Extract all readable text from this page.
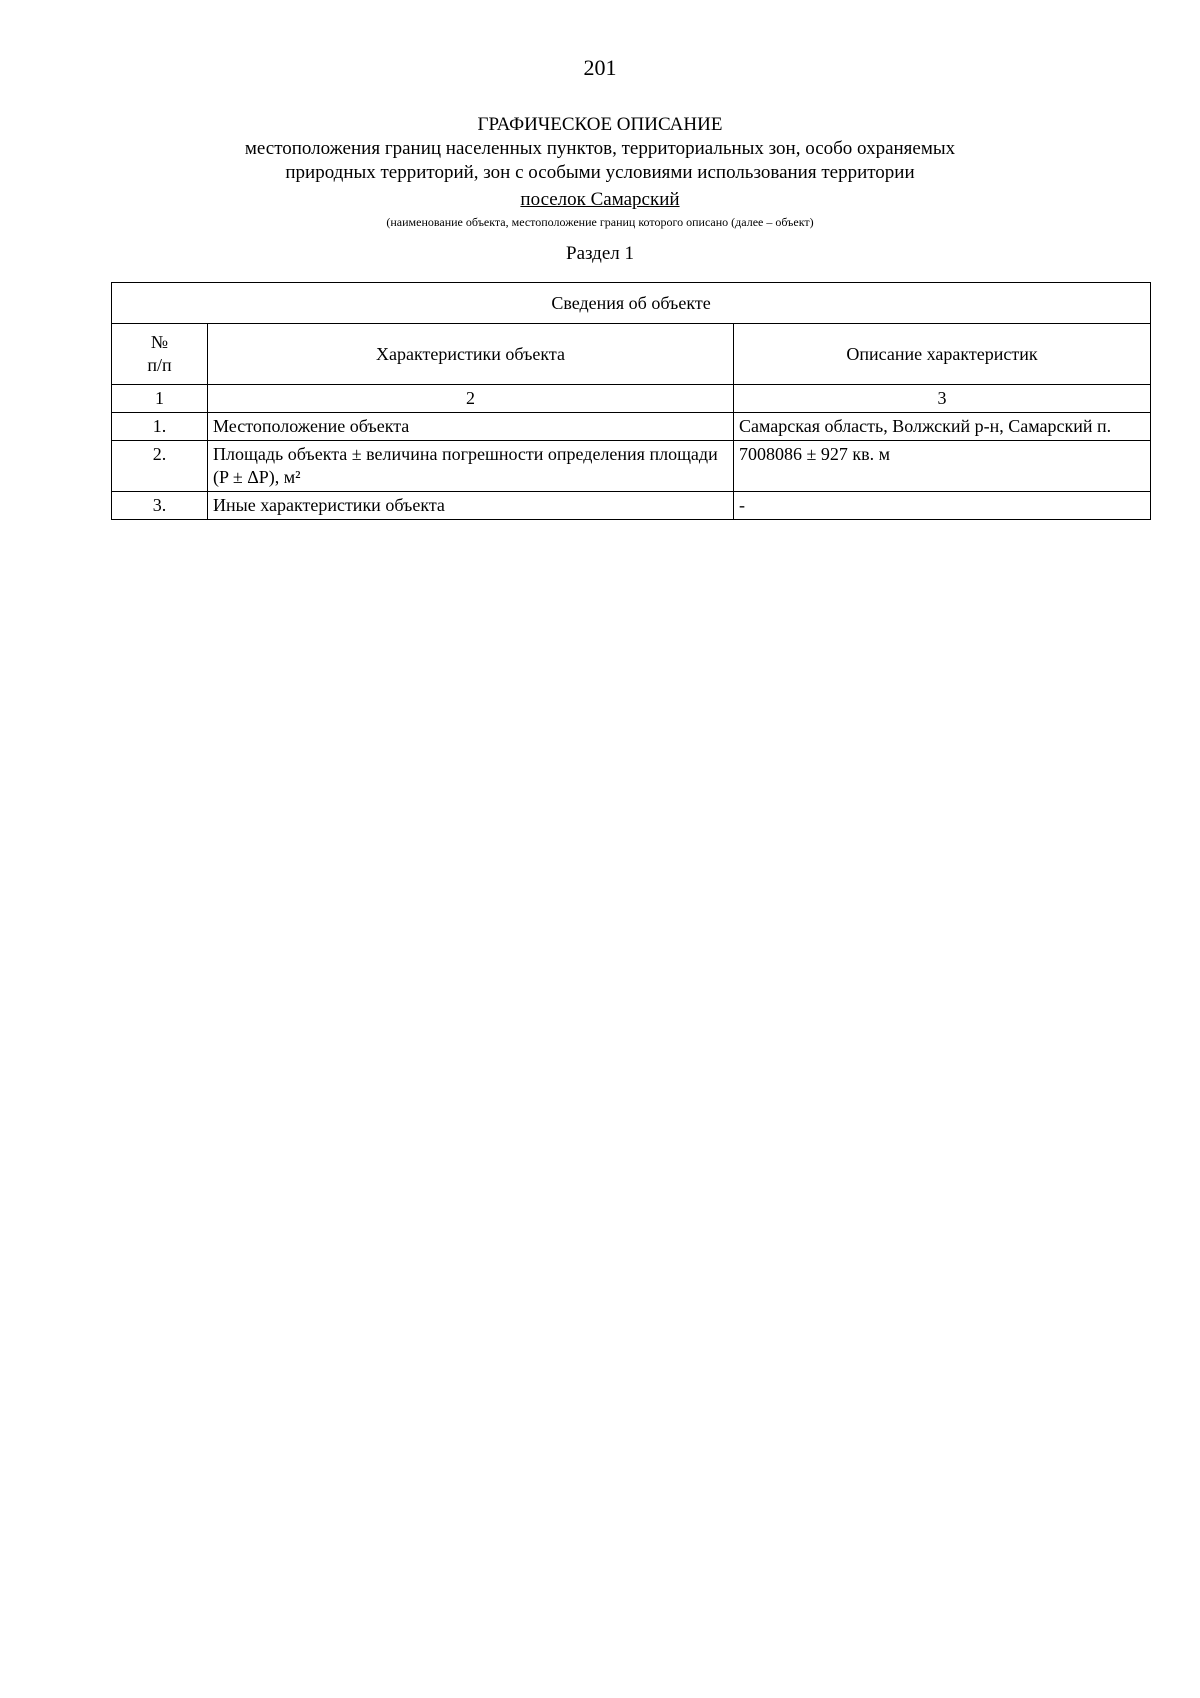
201
ГРАФИЧЕСКОЕ ОПИСАНИЕ
местоположения границ населенных пунктов, территориальных зон, особо охраняемых
природных территорий, зон с особыми условиями использования территории
поселок Самарский
(наименование объекта, местоположение границ которого описано (далее – объект)
Раздел 1
Сведения об объекте		

№
п/п	Характеристики объекта	Описание характеристик
1	2	3
1.	Местоположение объекта	Самарская область, Волжский р-н, Самарский п.
2.	Площадь объекта ± величина погрешности определения площади (P ± ΔP), м²	7008086 ± 927 кв. м
3.	Иные характеристики объекта	-
